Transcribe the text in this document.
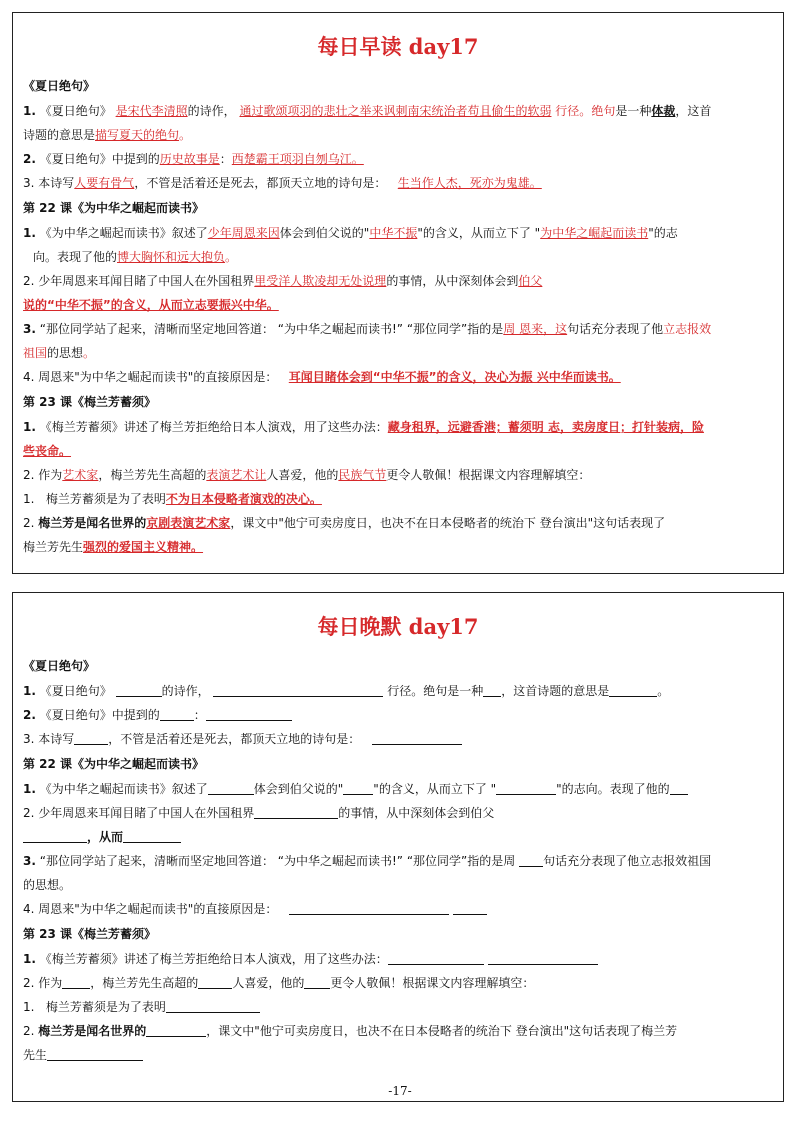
每日早读 day17
《夏日绝句》

1. 《夏日绝句》 是宋代李清照的诗作， 通过歌颂项羽的悲壮之举来讽刺南宋统治者苟且偷生的软弱 行径。绝句是一种体裁，这首

诗题的意思是描写夏天的绝句。

2. 《夏日绝句》中提到的历史故事是：西楚霸王项羽自刎乌江。

3. 本诗写人要有骨气，不管是活着还是死去，都顶天立地的诗句是： 生当作人杰，死亦为鬼雄。

第 22 课《为中华之崛起而读书》

1. 《为中华之崛起而读书》叙述了少年周恩来因体会到伯父说的"中华不振"的含义，从而立下了 "为中华之崛起而读书"的志

向。表现了他的博大胸怀和远大抱负。

2. 少年周恩来耳闻目睹了中国人在外国租界里受洋人欺凌却无处说理的事情，从中深刻体会到伯父

说的“中华不振”的含义，从而立志要振兴中华。

3. “那位同学站了起来，清晰而坚定地回答道： “为中华之崛起而读书!” “那位同学”指的是周 恩来，这句话充分表现了他立志报效

祖国的思想。

4. 周恩来"为中华之崛起而读书"的直接原因是： 耳闻目睹体会到“中华不振”的含义，决心为振 兴中华而读书。

第 23 课《梅兰芳蓄须》

1. 《梅兰芳蓄须》讲述了梅兰芳拒绝给日本人演戏，用了这些办法：藏身租界，远避香港；蓄须明 志，卖房度日；打针装病，险

些丧命。

2. 作为艺术家，梅兰芳先生高超的表演艺术让人喜爱，他的民族气节更令人敬佩！根据课文内容理解填空：

1. 梅兰芳蓄须是为了表明不为日本侵略者演戏的决心。

2. 梅兰芳是闻名世界的京剧表演艺术家，课文中"他宁可卖房度日，也决不在日本侵略者的统治下 登台演出"这句话表现了

梅兰芳先生强烈的爱国主义精神。

每日晚默 day17
《夏日绝句》

1. 《夏日绝句》	的诗作，	行径。绝句是一种 ，这首诗题的意思是	。

2. 《夏日绝句》中提到的	：

3. 本诗写	，不管是活着还是死去，都顶天立地的诗句是：

第 22 课《为中华之崛起而读书》

1. 《为中华之崛起而读书》叙述了	体会到伯父说的"	"的含义，从而立下了 "	"的志向。表现了他的

2. 少年周恩来耳闻目睹了中国人在外国租界	的事情，从中深刻体会到伯父

，从而

3. “那位同学站了起来，清晰而坚定地回答道： “为中华之崛起而读书!” “那位同学”指的是周 句话充分表现了他立志报效祖国

的思想。

4. 周恩来"为中华之崛起而读书"的直接原因是：

第 23 课《梅兰芳蓄须》

1. 《梅兰芳蓄须》讲述了梅兰芳拒绝给日本人演戏，用了这些办法：

2. 作为 ，梅兰芳先生高超的	人喜爱，他的 更令人敬佩！根据课文内容理解填空：

1. 梅兰芳蓄须是为了表明

2. 梅兰芳是闻名世界的	，课文中"他宁可卖房度日，也决不在日本侵略者的统治下 登台演出"这句话表现了梅兰芳

先生

-17-
